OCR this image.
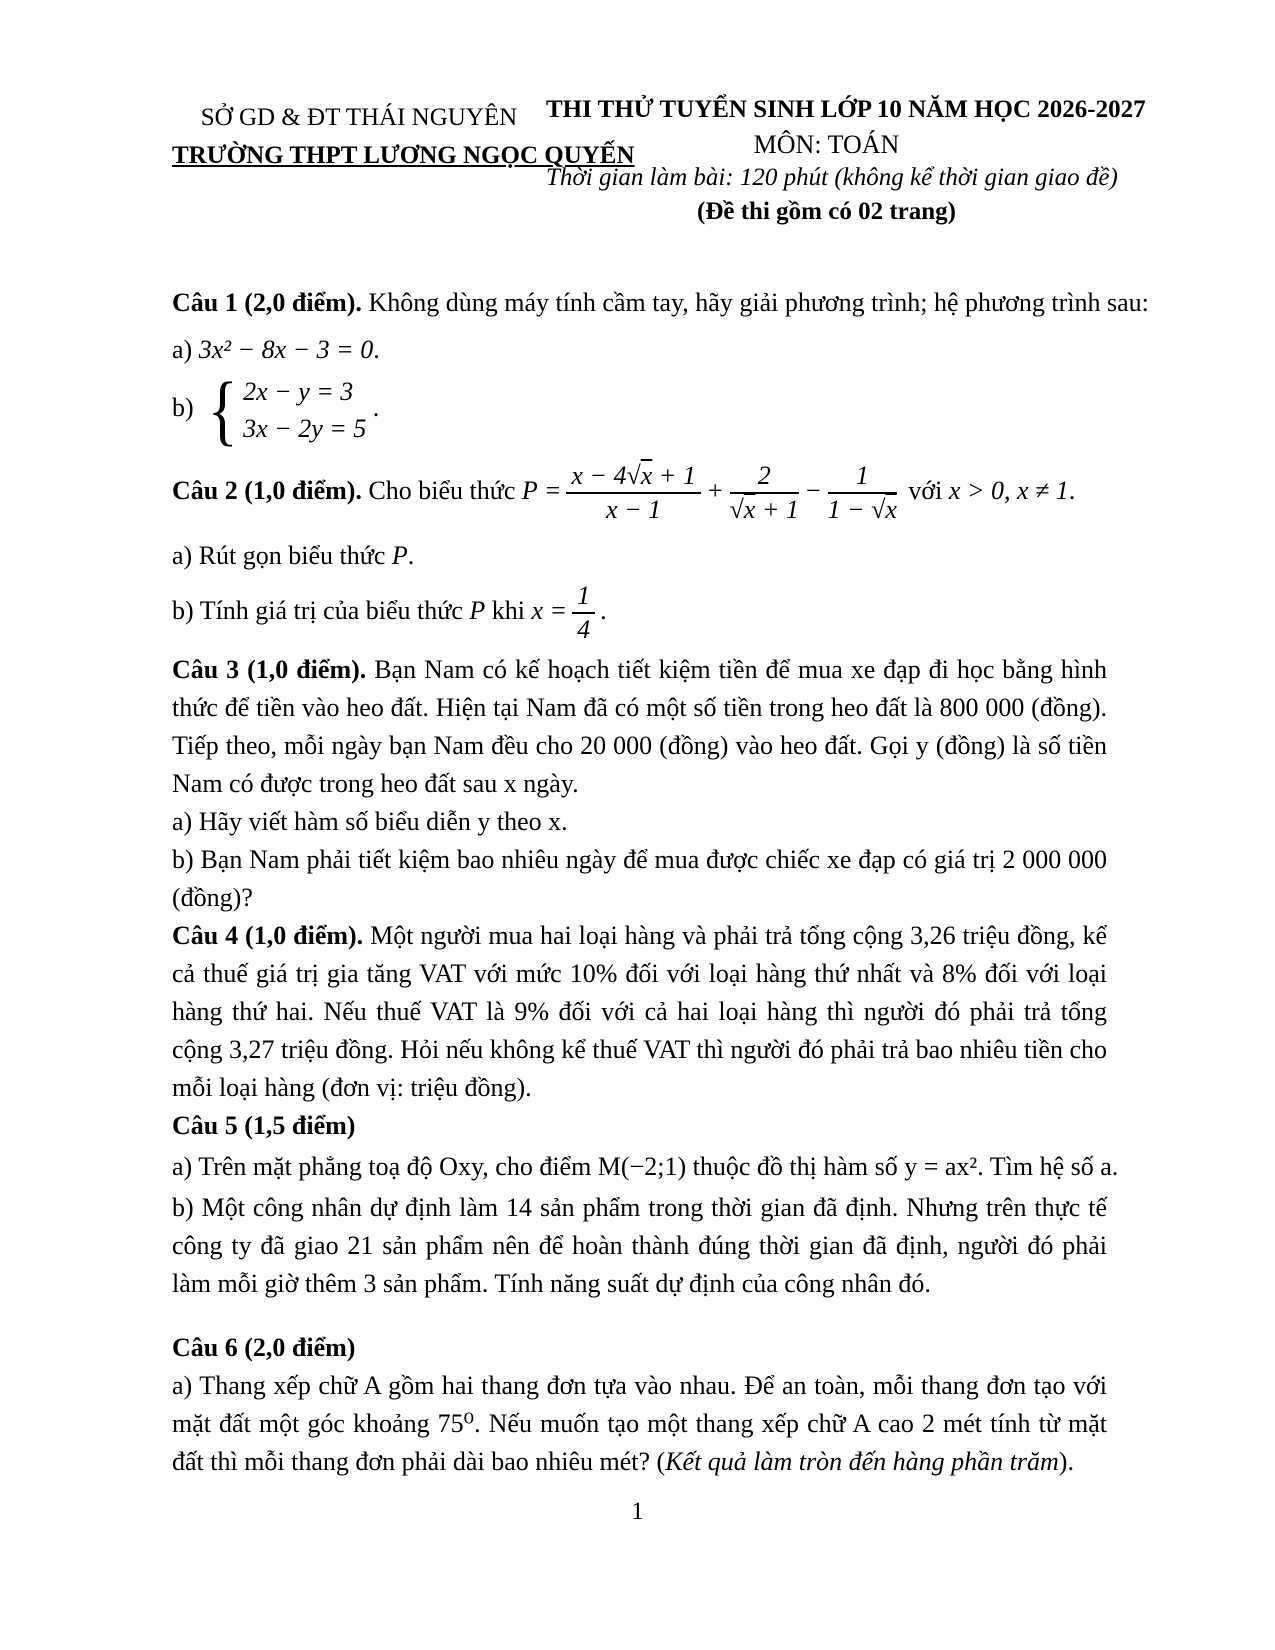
SỞ GD & ĐT THÁI NGUYÊN
TRƯỜNG THPT LƯƠNG NGỌC QUYẾN
THI THỬ TUYỂN SINH LỚP 10 NĂM HỌC 2026-2027
MÔN: TOÁN
Thời gian làm bài: 120 phút (không kể thời gian giao đề)
(Đề thi gồm có 02 trang)

Câu 1 (2,0 điểm). Không dùng máy tính cầm tay, hãy giải phương trình; hệ phương trình sau:

a) 3x² − 8x − 3 = 0.

b) { 2x − y = 3
3x − 2y = 5
.

Câu 2 (1,0 điểm). Cho biểu thức $P = \frac{x - 4√x + 1}{x - 1} + \frac{2}{√x + 1} - \frac{1}{1 - √x}$ với x > 0, x ≠ 1.

a) Rút gọn biểu thức P.

b) Tính giá trị của biểu thức P khi $x = \frac{1}{4}$ .

Câu 3 (1,0 điểm). Bạn Nam có kế hoạch tiết kiệm tiền để mua xe đạp đi học bằng hình thức để tiền vào heo đất. Hiện tại Nam đã có một số tiền trong heo đất là 800 000 (đồng). Tiếp theo, mỗi ngày bạn Nam đều cho 20 000 (đồng) vào heo đất. Gọi y (đồng) là số tiền Nam có được trong heo đất sau x ngày.

a) Hãy viết hàm số biểu diễn y theo x.

b) Bạn Nam phải tiết kiệm bao nhiêu ngày để mua được chiếc xe đạp có giá trị 2 000 000 (đồng)?

Câu 4 (1,0 điểm). Một người mua hai loại hàng và phải trả tổng cộng 3,26 triệu đồng, kể cả thuế giá trị gia tăng VAT với mức 10% đối với loại hàng thứ nhất và 8% đối với loại hàng thứ hai. Nếu thuế VAT là 9% đối với cả hai loại hàng thì người đó phải trả tổng cộng 3,27 triệu đồng. Hỏi nếu không kể thuế VAT thì người đó phải trả bao nhiêu tiền cho mỗi loại hàng (đơn vị: triệu đồng).

Câu 5 (1,5 điểm)

a) Trên mặt phẳng toạ độ Oxy, cho điểm M(−2;1) thuộc đồ thị hàm số y = ax². Tìm hệ số a.

b) Một công nhân dự định làm 14 sản phẩm trong thời gian đã định. Nhưng trên thực tế công ty đã giao 21 sản phẩm nên để hoàn thành đúng thời gian đã định, người đó phải làm mỗi giờ thêm 3 sản phẩm. Tính năng suất dự định của công nhân đó.

Câu 6 (2,0 điểm)

a) Thang xếp chữ A gồm hai thang đơn tựa vào nhau. Để an toàn, mỗi thang đơn tạo với mặt đất một góc khoảng 75⁰. Nếu muốn tạo một thang xếp chữ A cao 2 mét tính từ mặt đất thì mỗi thang đơn phải dài bao nhiêu mét? (Kết quả làm tròn đến hàng phần trăm).

1
